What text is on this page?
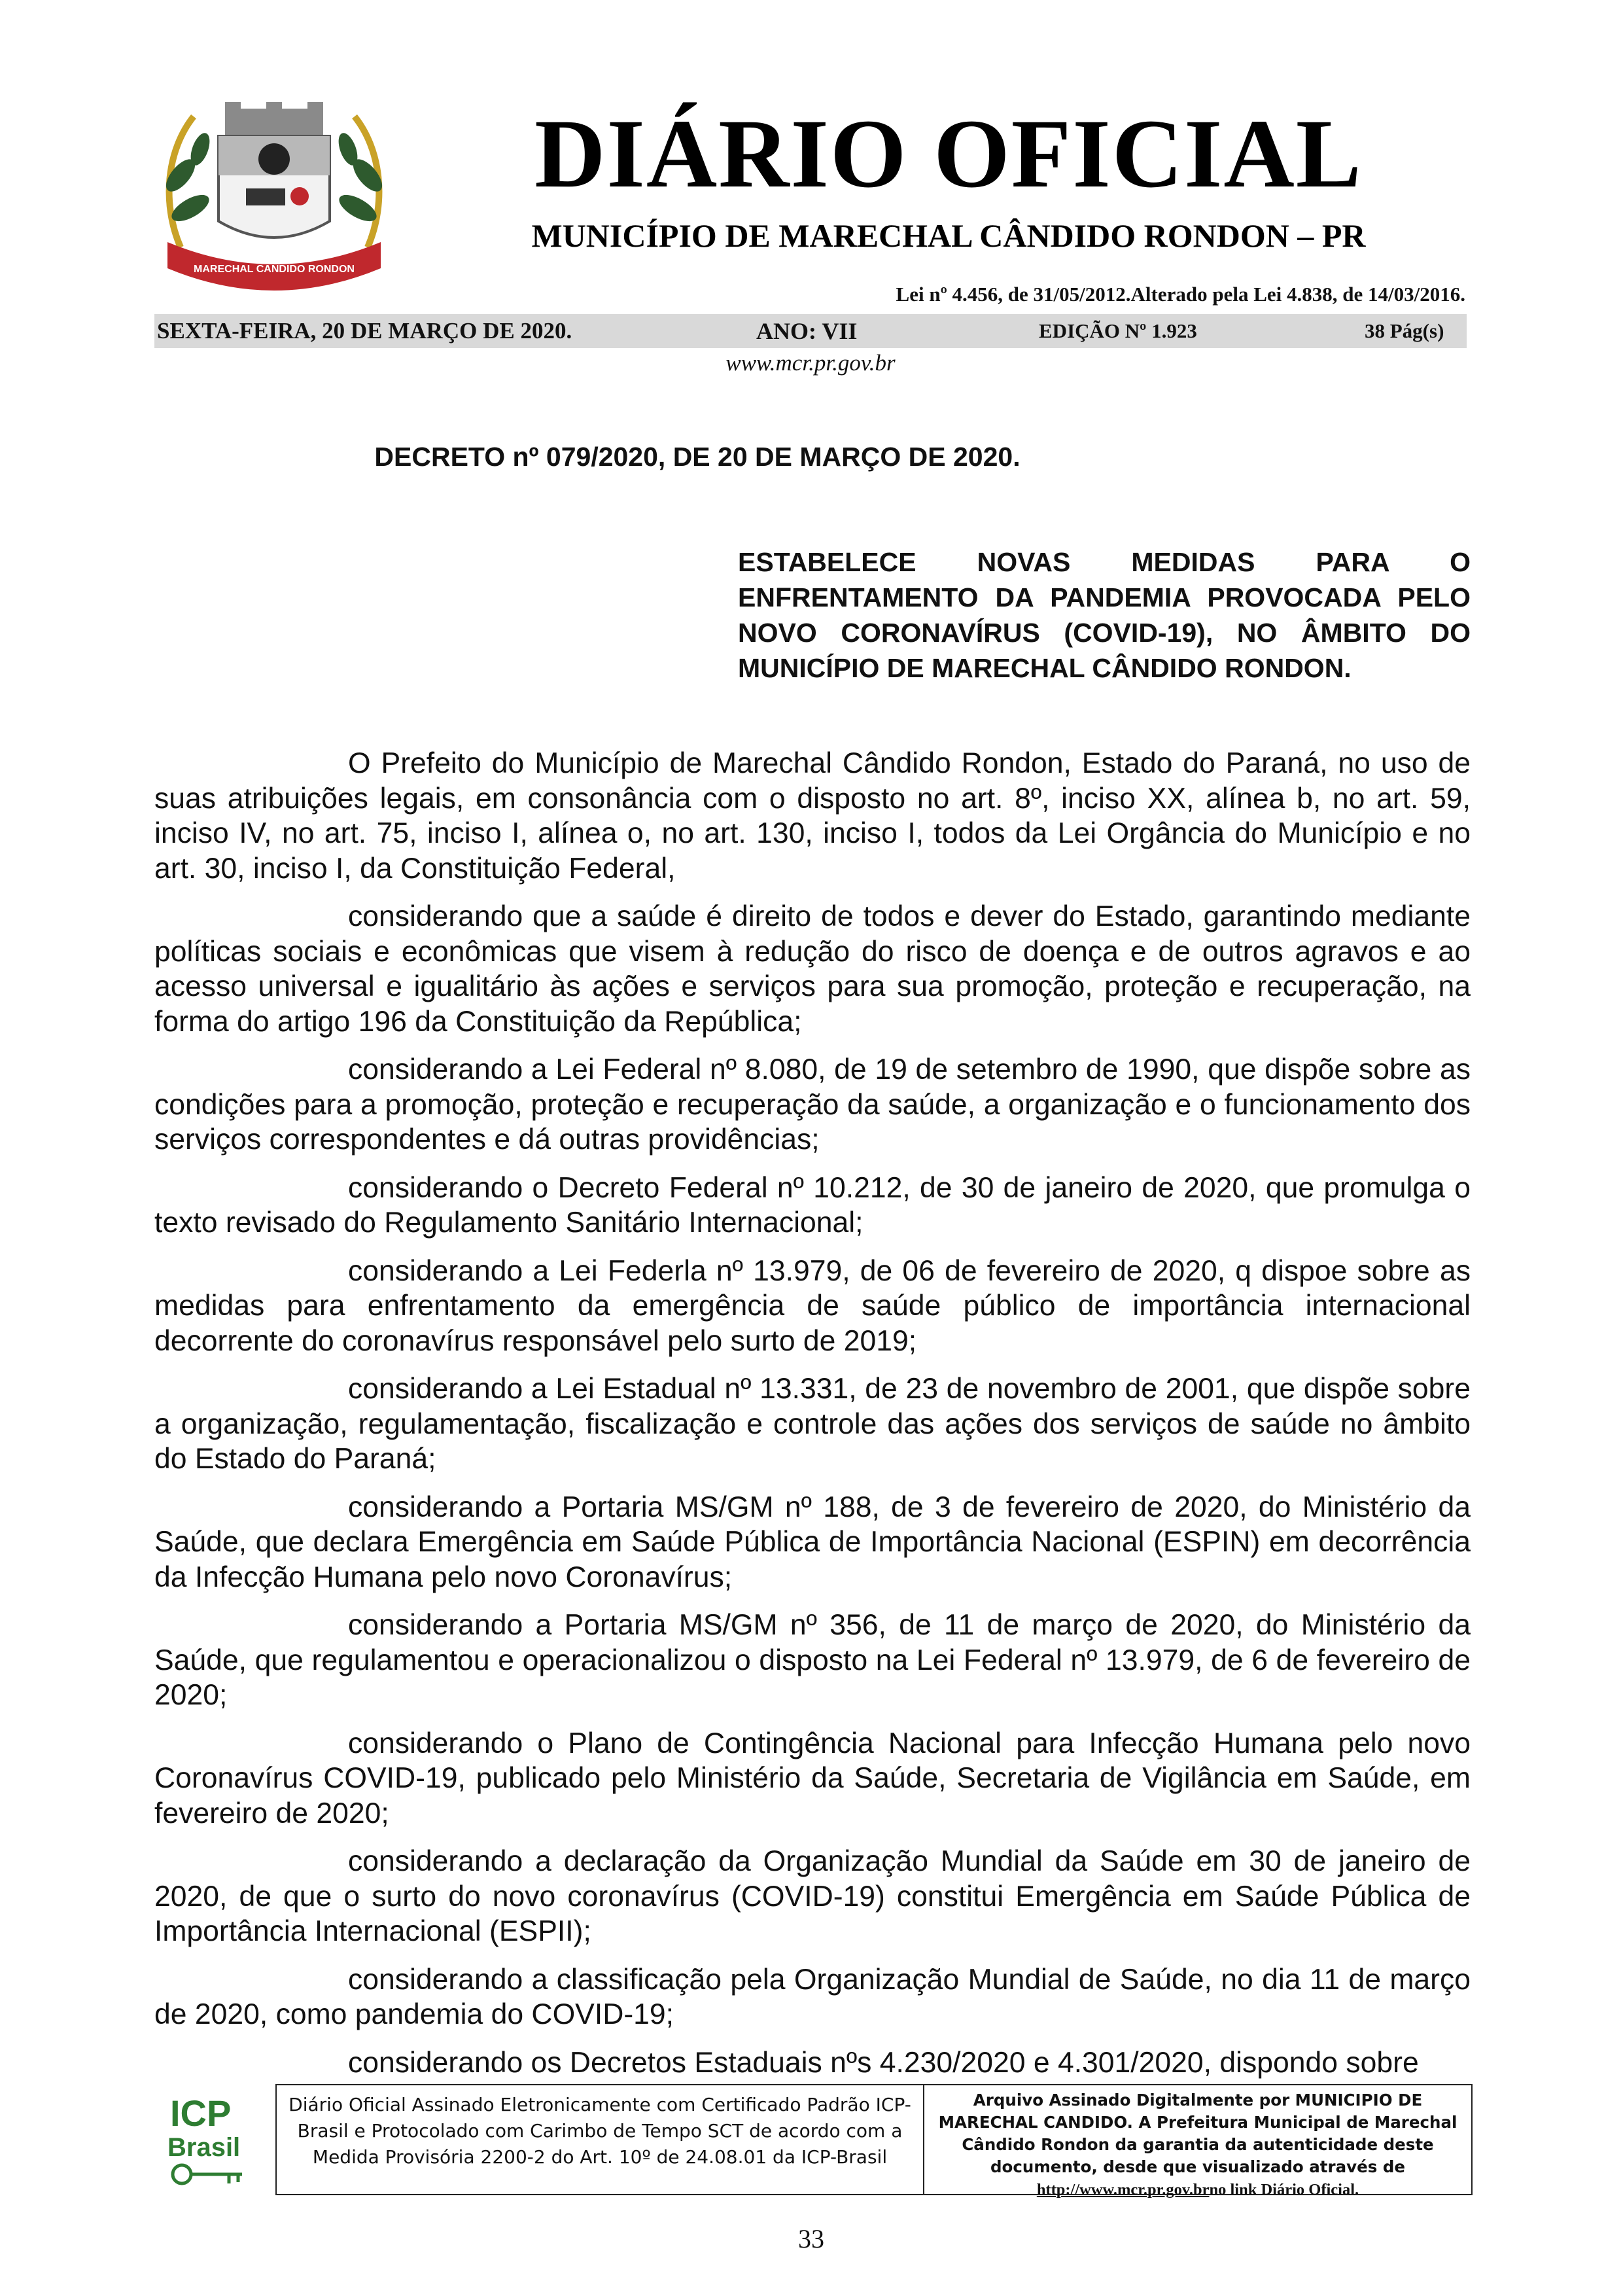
MARECHAL CANDIDO RONDON
DIÁRIO OFICIAL
MUNICÍPIO DE MARECHAL CÂNDIDO RONDON – PR
Lei nº 4.456, de 31/05/2012.Alterado pela Lei 4.838, de 14/03/2016.
SEXTA-FEIRA, 20 DE MARÇO DE 2020.	ANO: VII	EDIÇÃO Nº 1.923	38 Pág(s)
www.mcr.pr.gov.br
DECRETO nº 079/2020, DE 20 DE MARÇO DE 2020.
ESTABELECE NOVAS MEDIDAS PARA O ENFRENTAMENTO DA PANDEMIA PROVOCADA PELO NOVO CORONAVÍRUS (COVID-19), NO ÂMBITO DO MUNICÍPIO DE MARECHAL CÂNDIDO RONDON.

O Prefeito do Município de Marechal Cândido Rondon, Estado do Paraná, no uso de suas atribuições legais, em consonância com o disposto no art. 8º, inciso XX, alínea b, no art. 59, inciso IV, no art. 75, inciso I, alínea o, no art. 130, inciso I, todos da Lei Orgância do Município e no art. 30, inciso I, da Constituição Federal,

considerando que a saúde é direito de todos e dever do Estado, garantindo mediante políticas sociais e econômicas que visem à redução do risco de doença e de outros agravos e ao acesso universal e igualitário às ações e serviços para sua promoção, proteção e recuperação, na forma do artigo 196 da Constituição da República;

considerando a Lei Federal nº 8.080, de 19 de setembro de 1990, que dispõe sobre as condições para a promoção, proteção e recuperação da saúde, a organização e o funcionamento dos serviços correspondentes e dá outras providências;

considerando o Decreto Federal nº 10.212, de 30 de janeiro de 2020, que promulga o texto revisado do Regulamento Sanitário Internacional;

considerando a Lei Federla nº 13.979, de 06 de fevereiro de 2020, q dispoe sobre as medidas para enfrentamento da emergência de saúde público de importância internacional decorrente do coronavírus responsável pelo surto de 2019;

considerando a Lei Estadual nº 13.331, de 23 de novembro de 2001, que dispõe sobre a organização, regulamentação, fiscalização e controle das ações dos serviços de saúde no âmbito do Estado do Paraná;

considerando a Portaria MS/GM nº 188, de 3 de fevereiro de 2020, do Ministério da Saúde, que declara Emergência em Saúde Pública de Importância Nacional (ESPIN) em decorrência da Infecção Humana pelo novo Coronavírus;

considerando a Portaria MS/GM nº 356, de 11 de março de 2020, do Ministério da Saúde, que regulamentou e operacionalizou o disposto na Lei Federal nº 13.979, de 6 de fevereiro de 2020;

considerando o Plano de Contingência Nacional para Infecção Humana pelo novo Coronavírus COVID-19, publicado pelo Ministério da Saúde, Secretaria de Vigilância em Saúde, em fevereiro de 2020;

considerando a declaração da Organização Mundial da Saúde em 30 de janeiro de 2020, de que o surto do novo coronavírus (COVID-19) constitui Emergência em Saúde Pública de Importância Internacional (ESPII);

considerando a classificação pela Organização Mundial de Saúde, no dia 11 de março de 2020, como pandemia do COVID-19;

considerando os Decretos Estaduais nºs 4.230/2020 e 4.301/2020, dispondo sobre

ICP
Brasil
Diário Oficial Assinado Eletronicamente com Certificado Padrão ICP-Brasil e Protocolado com Carimbo de Tempo SCT de acordo com a Medida Provisória 2200-2 do Art. 10º de 24.08.01 da ICP-Brasil
Arquivo Assinado Digitalmente por MUNICIPIO DE MARECHAL CANDIDO. A Prefeitura Municipal de Marechal Cândido Rondon da garantia da autenticidade deste documento, desde que visualizado através de
http://www.mcr.pr.gov.brno link Diário Oficial.
33
